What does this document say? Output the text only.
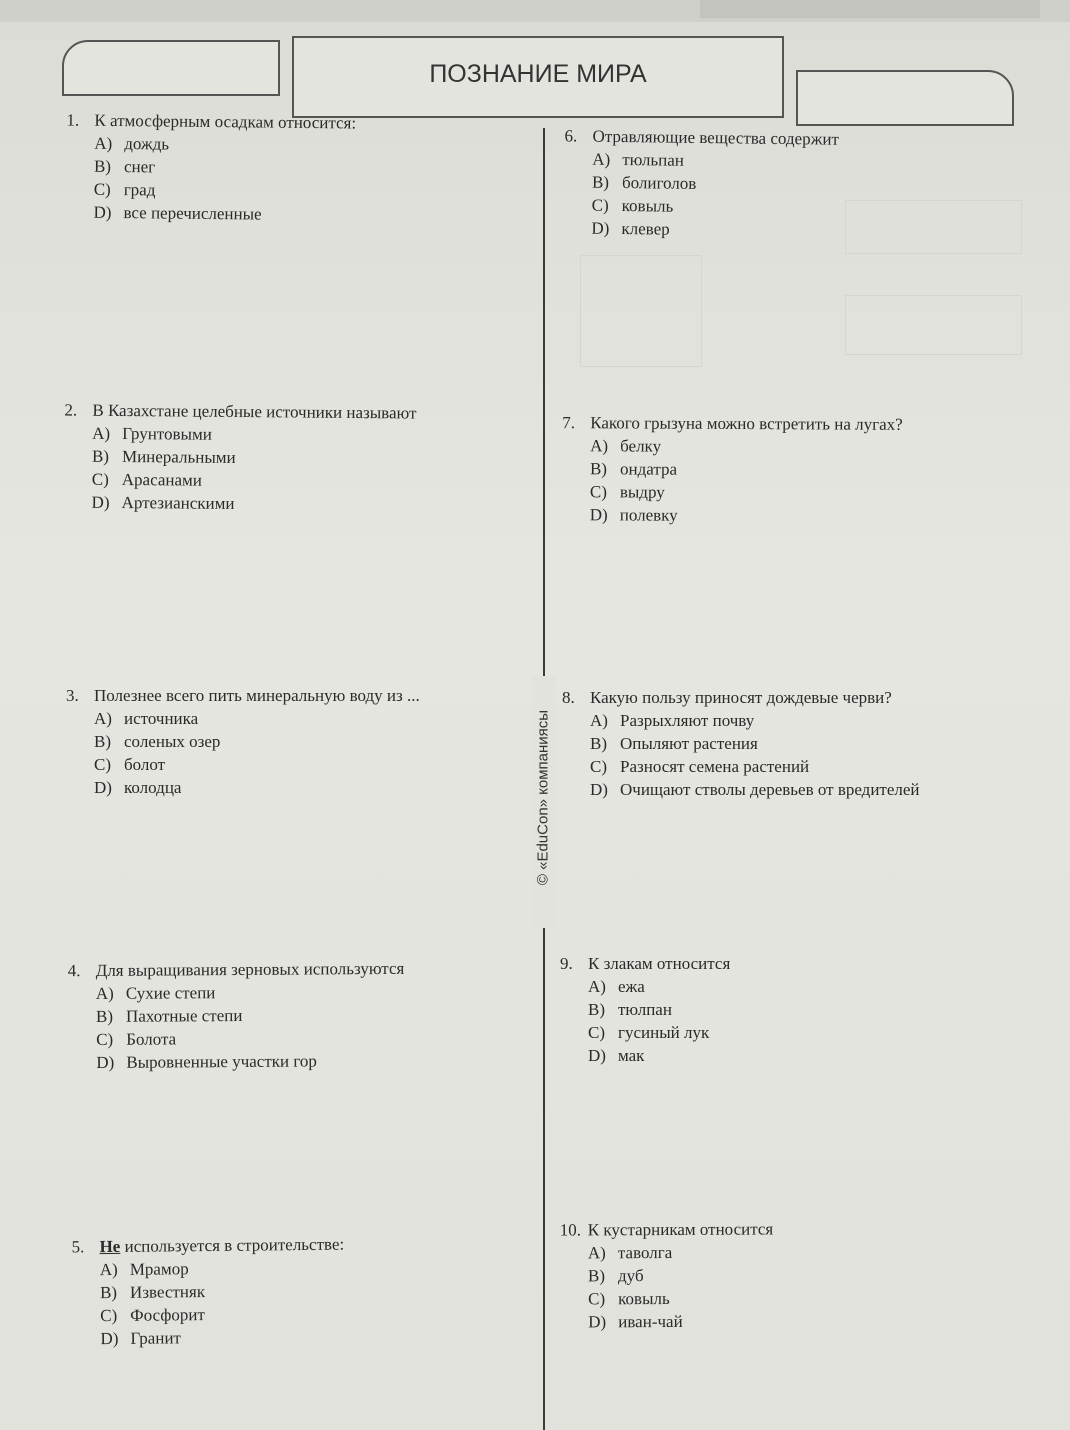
ПОЗНАНИЕ МИРА
© «EduCon» компаниясы
1. К атмосферным осадкам относится:
A) дождь
B) снег
C) град
D) все перечисленные
2. В Казахстане целебные источники называют
A) Грунтовыми
B) Минеральными
C) Арасанами
D) Артезианскими
3. Полезнее всего пить минеральную воду из ...
A) источника
B) соленых озер
C) болот
D) колодца
4. Для выращивания зерновых используются
A) Сухие степи
B) Пахотные степи
C) Болота
D) Выровненные участки гор
5. Не используется в строительстве:
A) Мрамор
B) Известняк
C) Фосфорит
D) Гранит
6. Отравляющие вещества содержит
A) тюльпан
B) болиголов
C) ковыль
D) клевер
7. Какого грызуна можно встретить на лугах?
A) белку
B) ондатра
C) выдру
D) полевку
8. Какую пользу приносят дождевые черви?
A) Разрыхляют почву
B) Опыляют растения
C) Разносят семена растений
D) Очищают стволы деревьев от вредителей
9. К злакам относится
A) ежа
B) тюлпан
C) гусиный лук
D) мак
10. К кустарникам относится
A) таволга
B) дуб
C) ковыль
D) иван-чай
